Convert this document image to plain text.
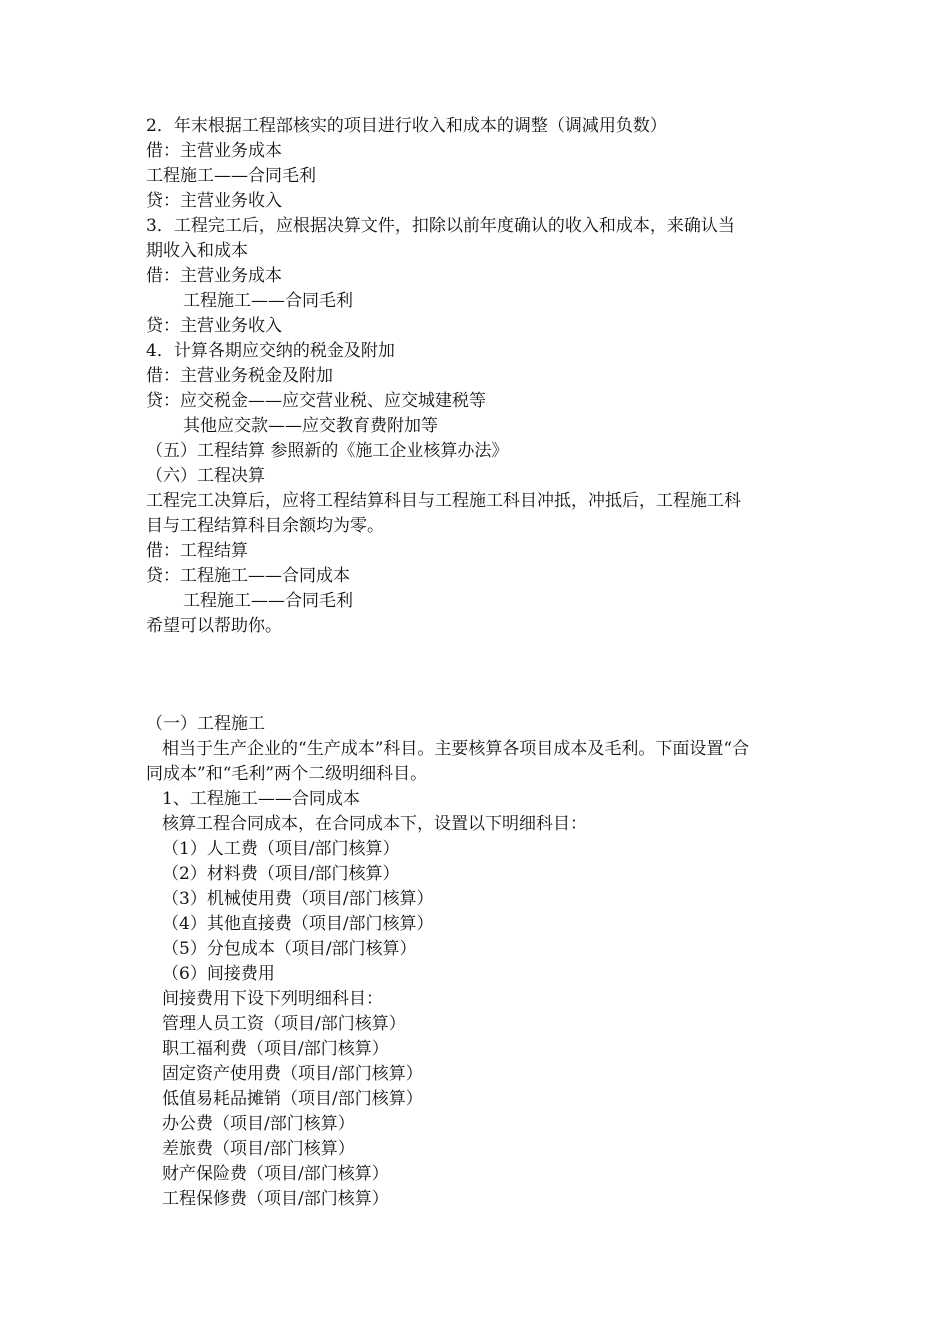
2．年末根据工程部核实的项目进行收入和成本的调整（调减用负数）
借：主营业务成本
工程施工——合同毛利
贷：主营业务收入
3．工程完工后，应根据决算文件，扣除以前年度确认的收入和成本，来确认当
期收入和成本
借：主营业务成本
工程施工——合同毛利
贷：主营业务收入
4．计算各期应交纳的税金及附加
借：主营业务税金及附加
贷：应交税金——应交营业税、应交城建税等
其他应交款——应交教育费附加等
（五）工程结算 参照新的《施工企业核算办法》
（六）工程决算
工程完工决算后，应将工程结算科目与工程施工科目冲抵，冲抵后，工程施工科
目与工程结算科目余额均为零。
借：工程结算
贷：工程施工——合同成本
工程施工——合同毛利
希望可以帮助你。
（一）工程施工
相当于生产企业的“生产成本”科目。主要核算各项目成本及毛利。下面设置“合
同成本”和“毛利”两个二级明细科目。
1、工程施工——合同成本
核算工程合同成本，在合同成本下，设置以下明细科目：
（1）人工费（项目/部门核算）
（2）材料费（项目/部门核算）
（3）机械使用费（项目/部门核算）
（4）其他直接费（项目/部门核算）
（5）分包成本（项目/部门核算）
（6）间接费用
间接费用下设下列明细科目：
管理人员工资（项目/部门核算）
职工福利费（项目/部门核算）
固定资产使用费（项目/部门核算）
低值易耗品摊销（项目/部门核算）
办公费（项目/部门核算）
差旅费（项目/部门核算）
财产保险费（项目/部门核算）
工程保修费（项目/部门核算）
